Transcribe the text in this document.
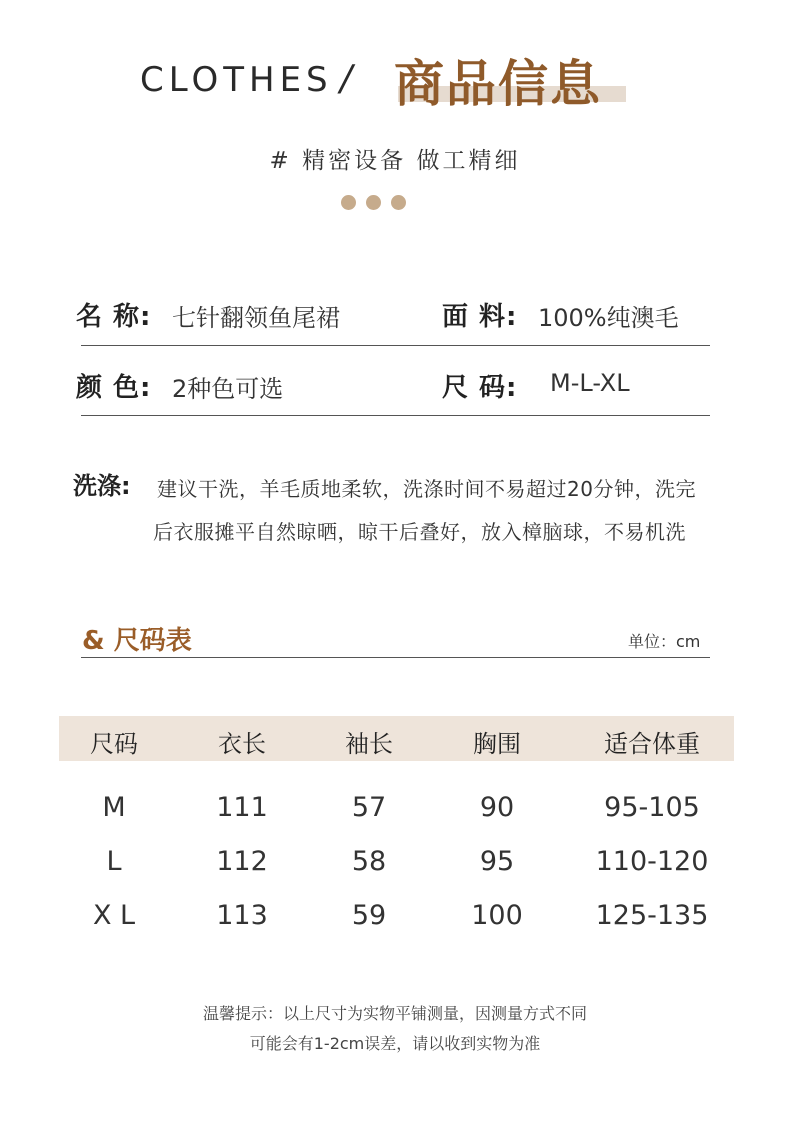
CLOTHES / 商品信息
# 精密设备 做工精细
名 称: 七针翻领鱼尾裙	面 料: 100%纯澳毛
颜 色: 2种色可选	尺 码: M-L-XL
洗涤: 建议干洗，羊毛质地柔软，洗涤时间不易超过20分钟，洗完
后衣服摊平自然晾晒，晾干后叠好，放入樟脑球，不易机洗
& 尺码表	单位：cm
尺码	衣长	袖长	胸围	适合体重
M	111	57	90	95-105
L	112	58	95	110-120
X L	113	59	100	125-135
温馨提示：以上尺寸为实物平铺测量，因测量方式不同
可能会有1-2cm误差，请以收到实物为准
